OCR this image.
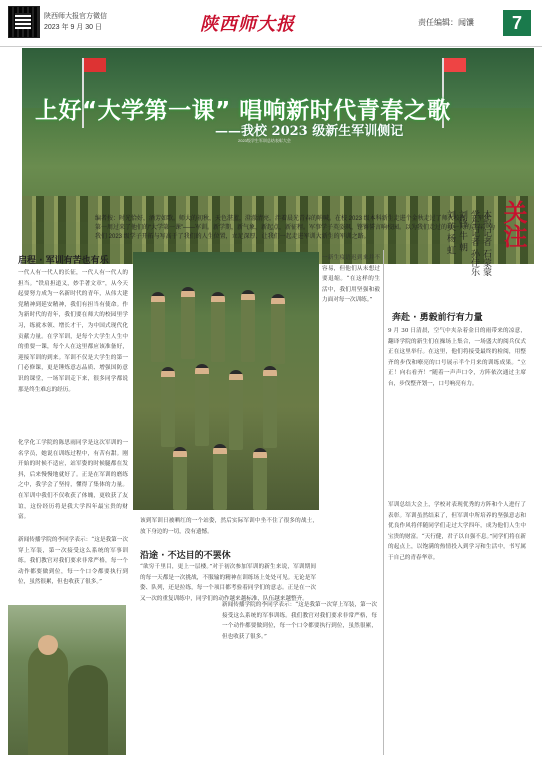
陕西师大报官方微信
2023 年 9 月 30 日	陕西师大报	责任编辑：闻馕	7
上好“大学第一课” 唱响新时代青春之歌
——我校 2023 级新生军训侧记
2023级学生军训总结表彰大会
关注
本报记者 石蒙蒙
学生记者 孙佳乐
刘锋 牛 朝
刘 英 杨 虹
编者按：时光恰好，酒芳如歌。师大的初秋，天色湛蓝，澄澈清亮，泮着晨光青春的呐喊。在校 2023 级本科新生走进个金秋走过了师大校园，在军营第一周过来了他们的“大学第一课”——军训。新学期，新气象，新起点，新征程。军事学子英姿飒，铿锵誓言响校园。以为我们走过的每一人的青春，为我们 2023 级学子开拓与写高于了我们的人生位置，立足深厚，让我们一起走进军训大新生的军训之路。
启程 · 军训有苦也有乐
一代人有一代人的长征，一代人有一代人的担当。“铁肩担道义，妙手著文章”，从今天起要努力成为一名新时代的青年，从伟大建党精神到延安精神，我们有担当有使命。作为新时代的青年，我们要在师大的校园里学习，练就本领、增长才干，为中国式现代化贡献力量。在学军训，是每个大学生人生中的重要一课，每个人在这里都应该准备好，迎接军训的到来。军训不仅是大学生的第一门必修课，更是锤炼意志品质、增强国防意识的课堂，一场军训走下来，很多同学都说那是终生难忘的经历。
化学化工学院的陈思雨同学是这次军训的一名学员，她说在训练过程中，有苦有甜。刚开始的时候不适应，站军姿的时候腿都在发抖，后来慢慢地就好了。正是在军训的磨练之中，我学会了坚持，懂得了集体的力量。在军训中我们不仅收获了体魄，更收获了友谊，这份经历将是我大学四年最宝贵的财富。
新闻传播学院的李同学表示：“这是我第一次穿上军装，第一次接受这么系统的军事训练。我们教官对我们要求非常严格，每一个动作都要做到位，每一个口令都要执行到位，虽然很累，但也收获了很多。”
一新生寝语迟到来并不容易，但他们从未想过要退缩。“在这样的生活中，我们用坚强和毅力面对每一次训练。”
该到军训日被晒红的一个站姿，然后实际军训中坐不住了很多的战士，放下身边的一切，没有遗憾。
沿途 · 不达目的不罢休
“欲穷千里目，更上一层楼。”对于初次参加军训的新生来说，军训期间的每一天都是一次挑战，不服输的精神在训练场上处处可见。无论是军姿、队列，还是拉练，每一个项目都考验着同学们的意志。正是在一次又一次的重复训练中，同学们的动作越来越标准，队伍越来越整齐。
新闻传播学院的李同学表示：“这是我第一次穿上军装，第一次接受这么系统的军事训练。我们教官对我们要求非常严格，每一个动作都要做到位，每一个口令都要执行到位，虽然很累，但也收获了很多。”
奔赴 · 勇毅前行有力量
9 月 30 日清晨，空气中夹杂着金日的雨带来的凉意，翻译学院的新生们在操场上集合，一场盛大的阅兵仪式正在这里举行。在这里，他们将接受最终的检阅，用整齐的步伐和嘹亮的口号展示半个月来的训练成果。“立正！向右看齐！”随着一声声口令，方阵依次通过主席台，步伐整齐划一，口号响亮有力。
军训总结大会上，学校对表现优秀的方阵和个人进行了表彰。军训虽然结束了，但军训中所培养的坚强意志和优良作风将伴随同学们走过大学四年，成为他们人生中宝贵的财富。“天行健，君子以自强不息。”同学们将在新的起点上，以饱满的热情投入到学习和生活中，书写属于自己的青春华章。
